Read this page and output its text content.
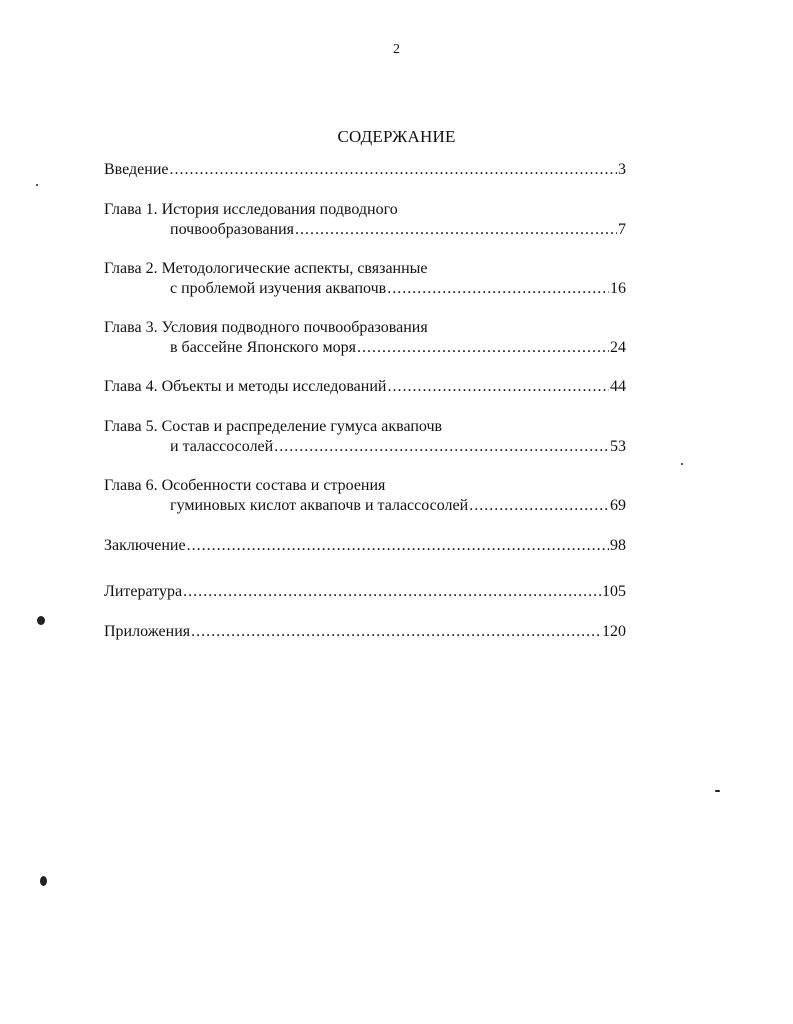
2
СОДЕРЖАНИЕ
Введение .....	3
Глава 1. История исследования подводного
почвообразования .....	7
Глава 2. Методологические аспекты, связанные
с проблемой изучения аквапочв .....	16
Глава 3. Условия подводного почвообразования
в бассейне Японского моря .....	24
Глава 4. Объекты и методы исследований .....	44
Глава 5. Состав и распределение гумуса аквапочв
и талассосолей .....	53
Глава 6. Особенности состава и строения
гуминовых кислот аквапочв и талассосолей .....	69
Заключение .....	98
Литература .....	105
Приложения .....	120
